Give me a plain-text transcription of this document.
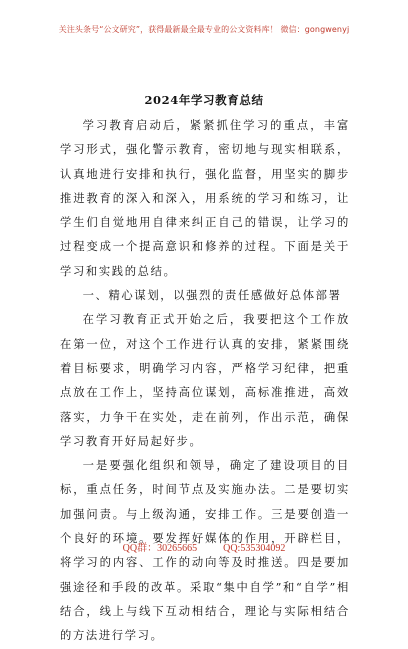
关注头条号“公文研究”，获得最新最全最专业的公文资料库！ 微信：gongwenyj
2024年学习教育总结

学习教育启动后，紧紧抓住学习的重点，丰富学习形式，强化警示教育，密切地与现实相联系，认真地进行安排和执行，强化监督，用坚实的脚步推进教育的深入和深入，用系统的学习和练习，让学生们自觉地用自律来纠正自己的错误，让学习的过程变成一个提高意识和修养的过程。下面是关于学习和实践的总结。

一、精心谋划，以强烈的责任感做好总体部署

在学习教育正式开始之后，我要把这个工作放在第一位，对这个工作进行认真的安排，紧紧围绕着目标要求，明确学习内容，严格学习纪律，把重点放在工作上，坚持高位谋划，高标准推进，高效落实，力争干在实处，走在前列，作出示范，确保学习教育开好局起好步。

一是要强化组织和领导，确定了建设项目的目标，重点任务，时间节点及实施办法。二是要切实加强问责。与上级沟通，安排工作。三是要创造一个良好的环境。要发挥好媒体的作用，开辟栏目，将学习的内容、工作的动向等及时推送。四是要加强途径和手段的改革。采取“集中自学”和“自学”相结合，线上与线下互动相结合，理论与实际相结合的方法进行学习。

QQ群：30265665	QQ:535304092
